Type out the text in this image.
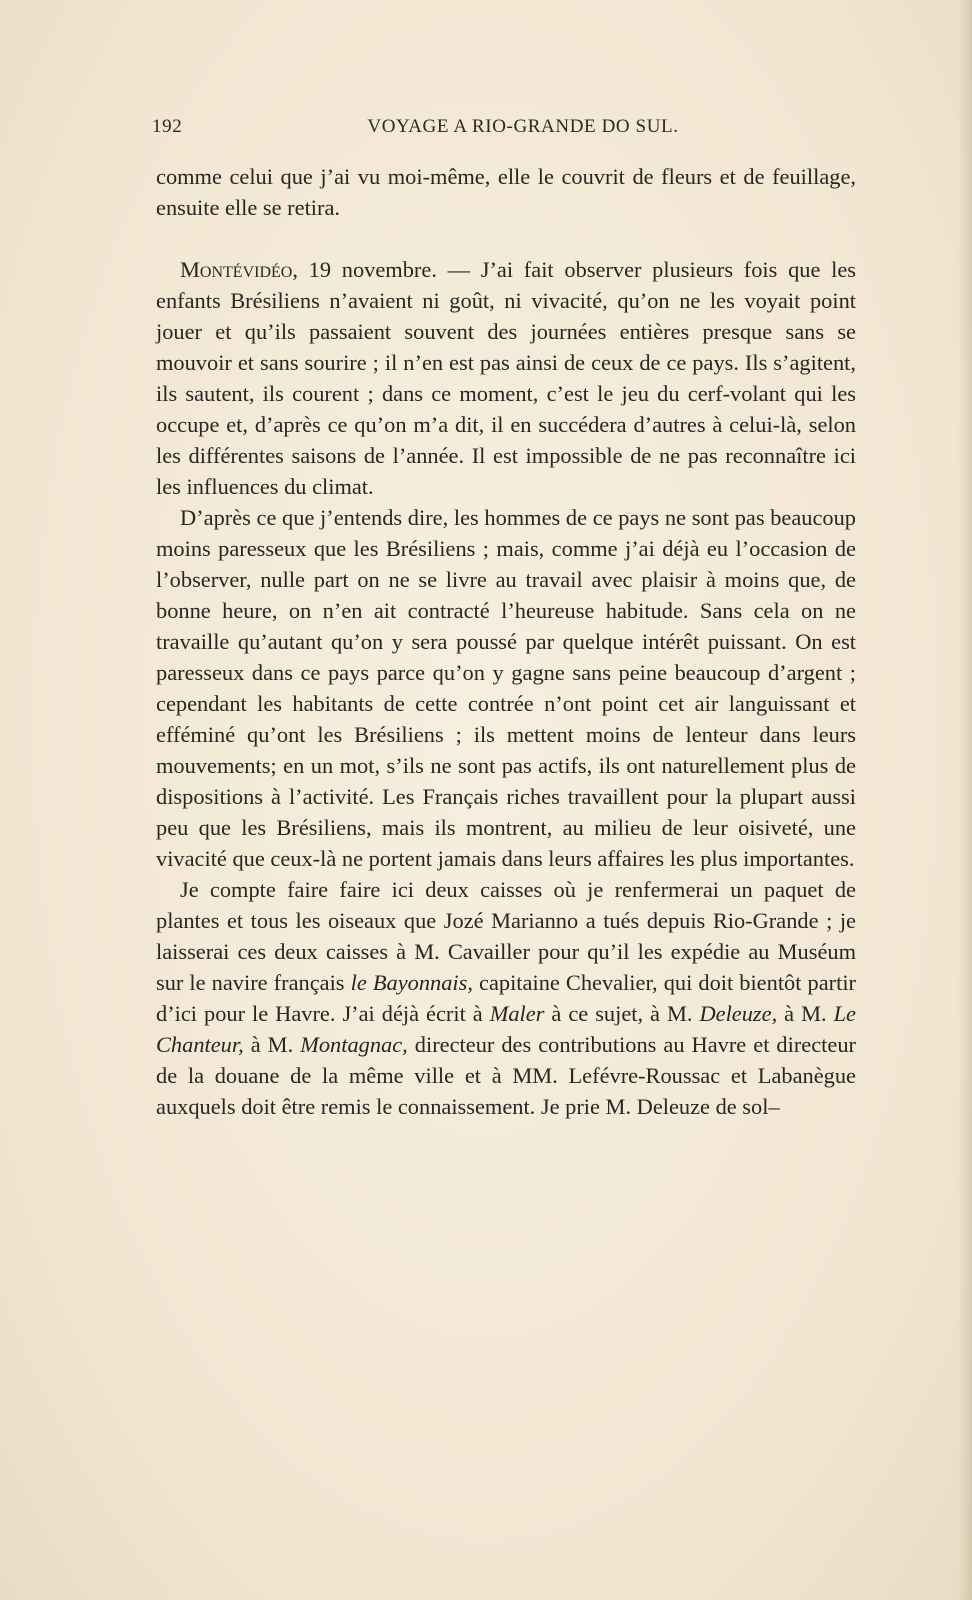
192	VOYAGE A RIO-GRANDE DO SUL.

comme celui que j’ai vu moi-même, elle le couvrit de fleurs et de feuillage, ensuite elle se retira.

Montévidéo, 19 novembre. — J’ai fait observer plusieurs fois que les enfants Brésiliens n’avaient ni goût, ni vivacité, qu’on ne les voyait point jouer et qu’ils passaient souvent des journées entières presque sans se mouvoir et sans sourire ; il n’en est pas ainsi de ceux de ce pays. Ils s’agitent, ils sautent, ils courent ; dans ce moment, c’est le jeu du cerf-volant qui les occupe et, d’après ce qu’on m’a dit, il en succédera d’autres à celui-là, selon les différentes saisons de l’année. Il est impossible de ne pas reconnaître ici les influences du climat.

D’après ce que j’entends dire, les hommes de ce pays ne sont pas beaucoup moins paresseux que les Brésiliens ; mais, comme j’ai déjà eu l’occasion de l’observer, nulle part on ne se livre au travail avec plaisir à moins que, de bonne heure, on n’en ait contracté l’heureuse habitude. Sans cela on ne travaille qu’autant qu’on y sera poussé par quelque intérêt puissant. On est paresseux dans ce pays parce qu’on y gagne sans peine beaucoup d’argent ; cependant les habitants de cette contrée n’ont point cet air languissant et efféminé qu’ont les Brésiliens ; ils mettent moins de lenteur dans leurs mouvements; en un mot, s’ils ne sont pas actifs, ils ont naturellement plus de dispositions à l’activité. Les Français riches travaillent pour la plupart aussi peu que les Brésiliens, mais ils montrent, au milieu de leur oisiveté, une vivacité que ceux-là ne portent jamais dans leurs affaires les plus importantes.

Je compte faire faire ici deux caisses où je renfermerai un paquet de plantes et tous les oiseaux que Jozé Marianno a tués depuis Rio-Grande ; je laisserai ces deux caisses à M. Cavailler pour qu’il les expédie au Muséum sur le navire français le Bayonnais, capitaine Chevalier, qui doit bientôt partir d’ici pour le Havre. J’ai déjà écrit à Maler à ce sujet, à M. Deleuze, à M. Le Chanteur, à M. Montagnac, directeur des contributions au Havre et directeur de la douane de la même ville et à MM. Lefévre-Roussac et Labanègue auxquels doit être remis le connaissement. Je prie M. Deleuze de sol–
